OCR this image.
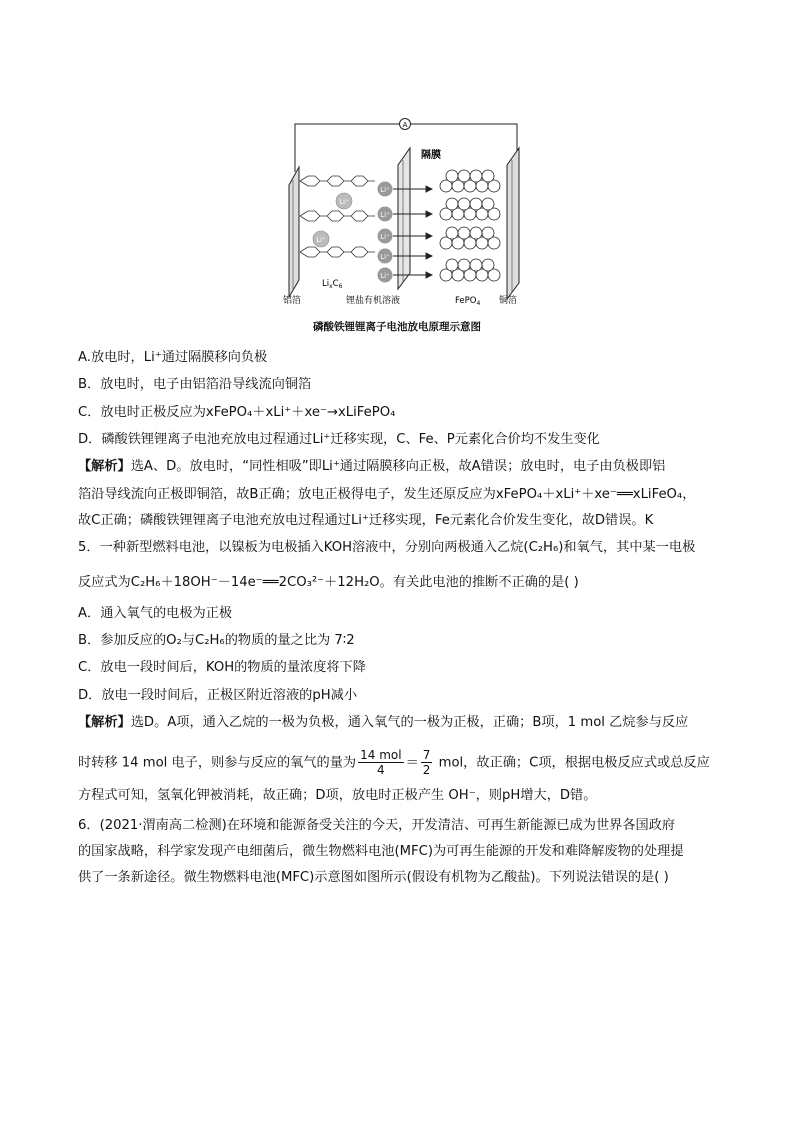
A
Li⁺
Li⁺
Li⁺
Li⁺
Li⁺
Li⁺
Li⁺
隔膜
$Li_xC_6$
铝箔	锂盐有机溶液	FePO$_4$ 铜箔
磷酸铁锂锂离子电池放电原理示意图
A.放电时，Li⁺通过隔膜移向负极
B．放电时，电子由铝箔沿导线流向铜箔
C．放电时正极反应为xFePO₄＋xLi⁺＋xe⁻→xLiFePO₄
D．磷酸铁锂锂离子电池充放电过程通过Li⁺迁移实现，C、Fe、P元素化合价均不发生变化
【解析】选A、D。放电时，“同性相吸”即Li⁺通过隔膜移向正极，故A错误；放电时，电子由负极即铝
箔沿导线流向正极即铜箔，故B正确；放电正极得电子，发生还原反应为xFePO₄＋xLi⁺＋xe⁻══xLiFeO₄，
故C正确；磷酸铁锂锂离子电池充放电过程通过Li⁺迁移实现，Fe元素化合价发生变化，故D错误。K
5．一种新型燃料电池，以镍板为电极插入KOH溶液中，分别向两极通入乙烷(C₂H₆)和氧气，其中某一电极
反应式为C₂H₆＋18OH⁻－14e⁻══2CO₃²⁻＋12H₂O。有关此电池的推断不正确的是( )
A．通入氧气的电极为正极
B．参加反应的O₂与C₂H₆的物质的量之比为 7∶2
C．放电一段时间后，KOH的物质的量浓度将下降
D．放电一段时间后，正极区附近溶液的pH减小
【解析】选D。A项，通入乙烷的一极为负极，通入氧气的一极为正极，正确；B项，1 mol 乙烷参与反应
时转移 14 mol 电子，则参与反应的氧气的量为 $\frac{\text{14 mol}}{4} = \frac{7}{2}$ mol，故正确；C项，根据电极反应式或总反应
方程式可知，氢氧化钾被消耗，故正确；D项，放电时正极产生 OH⁻，则pH增大，D错。
6．(2021·渭南高二检测)在环境和能源备受关注的今天，开发清洁、可再生新能源已成为世界各国政府
的国家战略，科学家发现产电细菌后，微生物燃料电池(MFC)为可再生能源的开发和难降解废物的处理提
供了一条新途径。微生物燃料电池(MFC)示意图如图所示(假设有机物为乙酸盐)。下列说法错误的是( )
